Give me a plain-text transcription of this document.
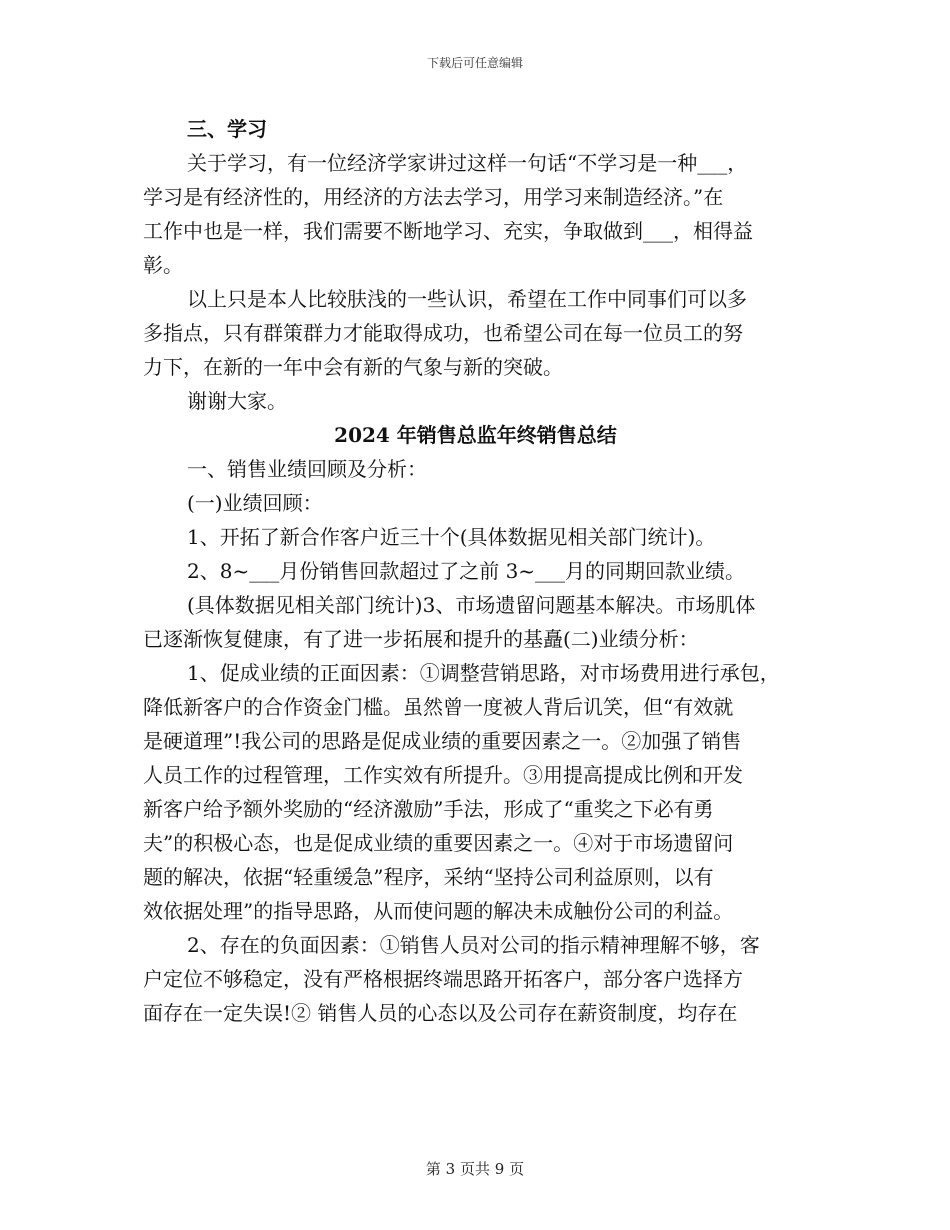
下载后可任意编辑
三、学习
关于学习，有一位经济学家讲过这样一句话“不学习是一种___，
学习是有经济性的，用经济的方法去学习，用学习来制造经济。”在
工作中也是一样，我们需要不断地学习、充实，争取做到___，相得益
彰。
以上只是本人比较肤浅的一些认识，希望在工作中同事们可以多
多指点，只有群策群力才能取得成功，也希望公司在每一位员工的努
力下，在新的一年中会有新的气象与新的突破。
谢谢大家。
2024 年销售总监年终销售总结
一、销售业绩回顾及分析：
(一)业绩回顾：
1、开拓了新合作客户近三十个(具体数据见相关部门统计)。
2、8~___月份销售回款超过了之前 3~___月的同期回款业绩。
(具体数据见相关部门统计)3、市场遗留问题基本解决。市场肌体
已逐渐恢复健康，有了进一步拓展和提升的基矗(二)业绩分析：
1、促成业绩的正面因素：①调整营销思路，对市场费用进行承包，
降低新客户的合作资金门槛。虽然曾一度被人背后讥笑，但“有效就
是硬道理”!我公司的思路是促成业绩的重要因素之一。②加强了销售
人员工作的过程管理，工作实效有所提升。③用提高提成比例和开发
新客户给予额外奖励的“经济激励”手法，形成了“重奖之下必有勇
夫”的积极心态，也是促成业绩的重要因素之一。④对于市场遗留问
题的解决，依据“轻重缓急”程序，采纳“坚持公司利益原则，以有
效依据处理”的指导思路，从而使问题的解决未成触份公司的利益。
2、存在的负面因素：①销售人员对公司的指示精神理解不够，客
户定位不够稳定，没有严格根据终端思路开拓客户，部分客户选择方
面存在一定失误!② 销售人员的心态以及公司存在薪资制度，均存在
第 3 页共 9 页
